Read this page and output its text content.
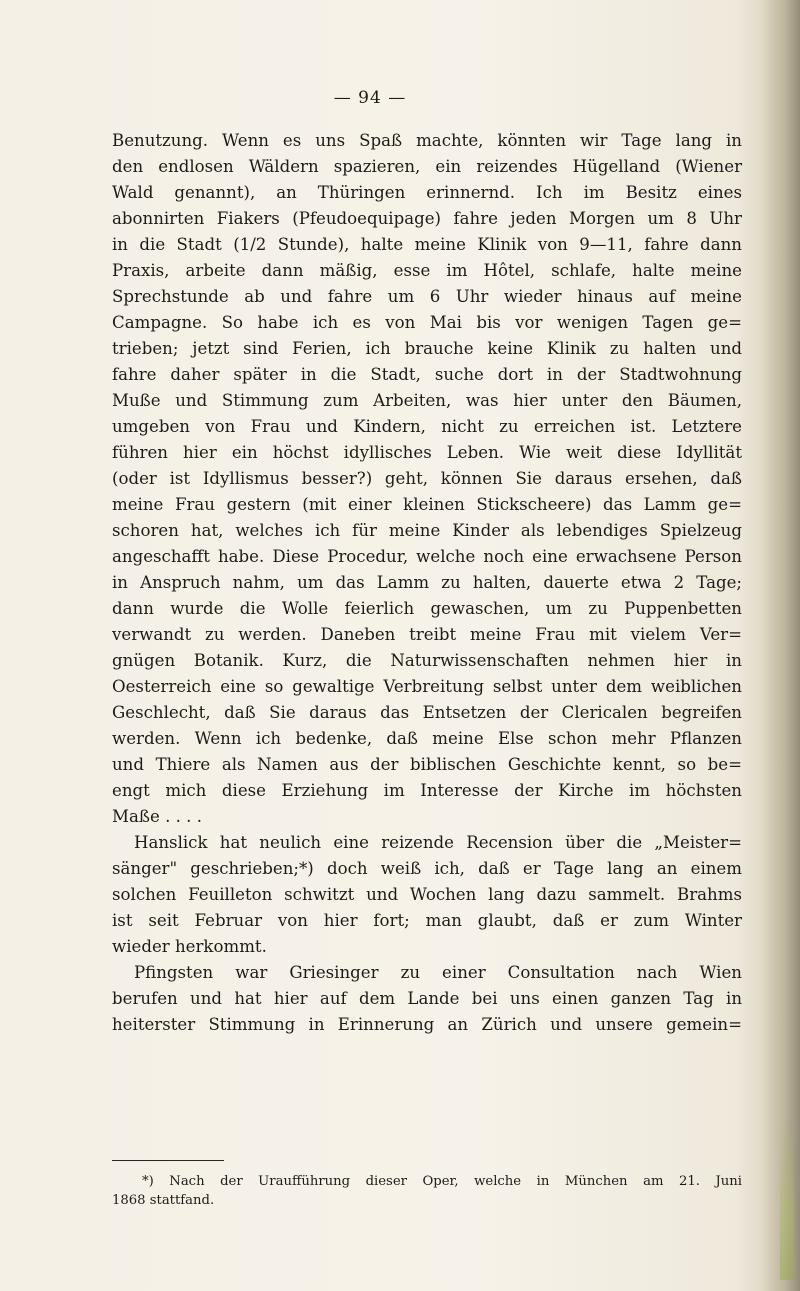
— 94 —
Benutzung. Wenn es uns Spaß machte, könnten wir Tage lang in
den endlosen Wäldern spazieren, ein reizendes Hügelland (Wiener
Wald genannt), an Thüringen erinnernd. Ich im Besitz eines
abonnirten Fiakers (Pfeudoequipage) fahre jeden Morgen um 8 Uhr
in die Stadt (1/2 Stunde), halte meine Klinik von 9—11, fahre dann
Praxis, arbeite dann mäßig, esse im Hôtel, schlafe, halte meine
Sprechstunde ab und fahre um 6 Uhr wieder hinaus auf meine
Campagne. So habe ich es von Mai bis vor wenigen Tagen ge=
trieben; jetzt sind Ferien, ich brauche keine Klinik zu halten und
fahre daher später in die Stadt, suche dort in der Stadtwohnung
Muße und Stimmung zum Arbeiten, was hier unter den Bäumen,
umgeben von Frau und Kindern, nicht zu erreichen ist. Letztere
führen hier ein höchst idyllisches Leben. Wie weit diese Idyllität
(oder ist Idyllismus besser?) geht, können Sie daraus ersehen, daß
meine Frau gestern (mit einer kleinen Stickscheere) das Lamm ge=
schoren hat, welches ich für meine Kinder als lebendiges Spielzeug
angeschafft habe. Diese Procedur, welche noch eine erwachsene Person
in Anspruch nahm, um das Lamm zu halten, dauerte etwa 2 Tage;
dann wurde die Wolle feierlich gewaschen, um zu Puppenbetten
verwandt zu werden. Daneben treibt meine Frau mit vielem Ver=
gnügen Botanik. Kurz, die Naturwissenschaften nehmen hier in
Oesterreich eine so gewaltige Verbreitung selbst unter dem weiblichen
Geschlecht, daß Sie daraus das Entsetzen der Clericalen begreifen
werden. Wenn ich bedenke, daß meine Else schon mehr Pflanzen
und Thiere als Namen aus der biblischen Geschichte kennt, so be=
engt mich diese Erziehung im Interesse der Kirche im höchsten
Maße . . . .
Hanslick hat neulich eine reizende Recension über die „Meister=
sänger" geschrieben;*) doch weiß ich, daß er Tage lang an einem
solchen Feuilleton schwitzt und Wochen lang dazu sammelt. Brahms
ist seit Februar von hier fort; man glaubt, daß er zum Winter
wieder herkommt.
Pfingsten war Griesinger zu einer Consultation nach Wien
berufen und hat hier auf dem Lande bei uns einen ganzen Tag in
heiterster Stimmung in Erinnerung an Zürich und unsere gemein=
*) Nach der Uraufführung dieser Oper, welche in München am 21. Juni
1868 stattfand.
